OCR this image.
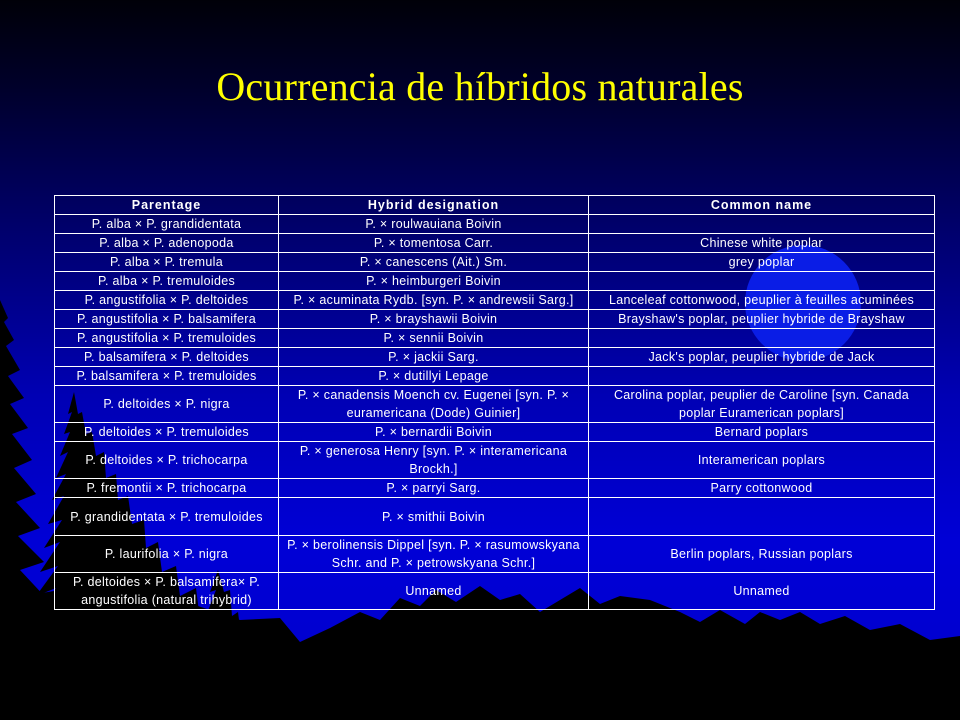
Ocurrencia de híbridos naturales
Parentage	Hybrid designation	Common name
P. alba × P. grandidentata	P. × roulwauiana Boivin	
P. alba × P. adenopoda	P. × tomentosa Carr.	Chinese white poplar
P. alba × P. tremula	P. × canescens (Ait.) Sm.	grey poplar
P. alba × P. tremuloides	P. × heimburgeri Boivin	
P. angustifolia × P. deltoides	P. × acuminata Rydb. [syn. P. × andrewsii Sarg.]	Lanceleaf cottonwood, peuplier à feuilles acuminées
P. angustifolia × P. balsamifera	P. × brayshawii Boivin	Brayshaw's poplar, peuplier hybride de Brayshaw
P. angustifolia × P. tremuloides	P. × sennii Boivin	
P. balsamifera × P. deltoides	P. × jackii Sarg.	Jack's poplar, peuplier hybride de Jack
P. balsamifera × P. tremuloides	P. × dutillyi Lepage	
P. deltoides × P. nigra	P. × canadensis Moench cv. Eugenei [syn. P. × euramericana (Dode) Guinier]	Carolina poplar, peuplier de Caroline [syn. Canada poplar Euramerican poplars]
P. deltoides × P. tremuloides	P. × bernardii Boivin	Bernard poplars
P. deltoides × P. trichocarpa	P. × generosa Henry [syn. P. × interamericana Brockh.]	Interamerican poplars
P. fremontii × P. trichocarpa	P. × parryi Sarg.	Parry cottonwood
P. grandidentata × P. tremuloides	P. × smithii Boivin	
P. laurifolia × P. nigra	P. × berolinensis Dippel [syn. P. × rasumowskyana Schr. and P. × petrowskyana Schr.]	Berlin poplars, Russian poplars
P. deltoides × P. balsamifera× P. angustifolia (natural trihybrid)	Unnamed	Unnamed
